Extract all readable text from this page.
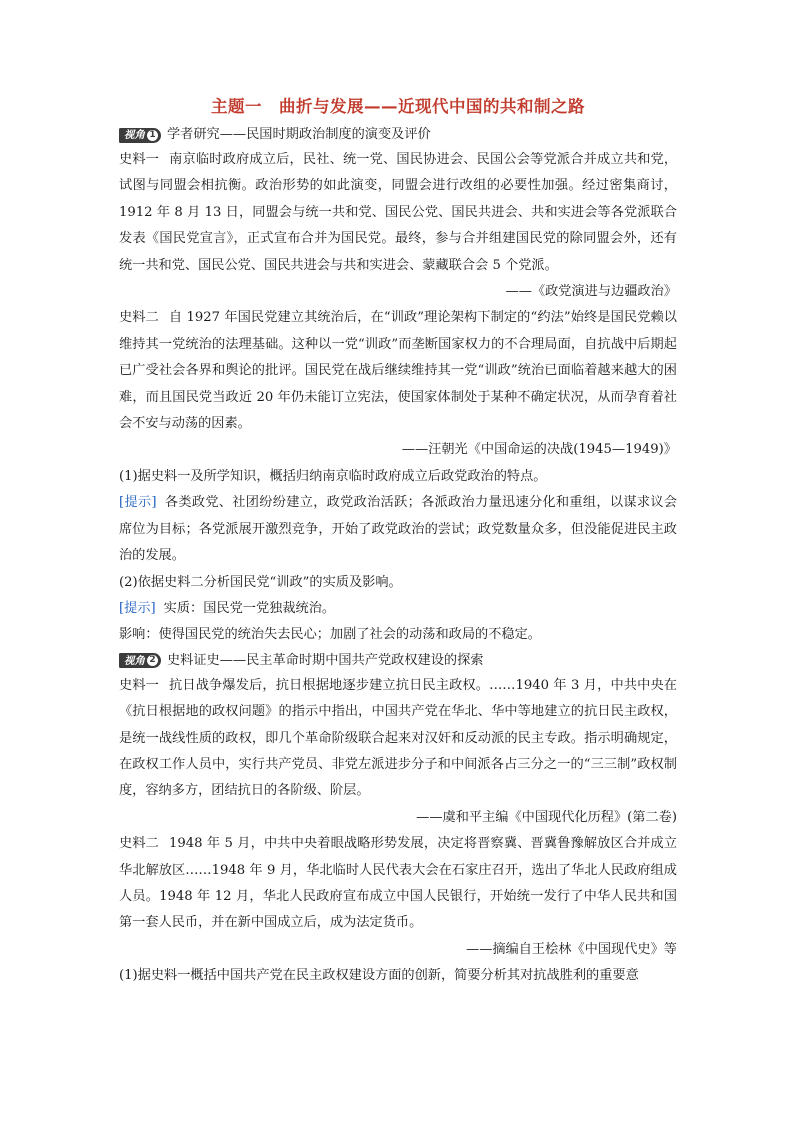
主题一　曲折与发展——近现代中国的共和制之路
视角 1 学者研究——民国时期政治制度的演变及评价

史料一 南京临时政府成立后，民社、统一党、国民协进会、民国公会等党派合并成立共和党，试图与同盟会相抗衡。政治形势的如此演变，同盟会进行改组的必要性加强。经过密集商讨，1912 年 8 月 13 日，同盟会与统一共和党、国民公党、国民共进会、共和实进会等各党派联合发表《国民党宣言》，正式宣布合并为国民党。最终，参与合并组建国民党的除同盟会外，还有统一共和党、国民公党、国民共进会与共和实进会、蒙藏联合会 5 个党派。

——《政党演进与边疆政治》

史料二 自 1927 年国民党建立其统治后，在“训政”理论架构下制定的“约法”始终是国民党赖以维持其一党统治的法理基础。这种以一党“训政”而垄断国家权力的不合理局面，自抗战中后期起已广受社会各界和舆论的批评。国民党在战后继续维持其一党“训政”统治已面临着越来越大的困难，而且国民党当政近 20 年仍未能订立宪法，使国家体制处于某种不确定状况，从而孕育着社会不安与动荡的因素。

——汪朝光《中国命运的决战(1945—1949)》

(1)据史料一及所学知识，概括归纳南京临时政府成立后政党政治的特点。

[提示] 各类政党、社团纷纷建立，政党政治活跃；各派政治力量迅速分化和重组，以谋求议会席位为目标；各党派展开激烈竞争，开始了政党政治的尝试；政党数量众多，但没能促进民主政治的发展。

(2)依据史料二分析国民党“训政”的实质及影响。

[提示] 实质：国民党一党独裁统治。

影响：使得国民党的统治失去民心；加剧了社会的动荡和政局的不稳定。

视角 2 史料证史——民主革命时期中国共产党政权建设的探索

史料一 抗日战争爆发后，抗日根据地逐步建立抗日民主政权。……1940 年 3 月，中共中央在《抗日根据地的政权问题》的指示中指出，中国共产党在华北、华中等地建立的抗日民主政权，是统一战线性质的政权，即几个革命阶级联合起来对汉奸和反动派的民主专政。指示明确规定，在政权工作人员中，实行共产党员、非党左派进步分子和中间派各占三分之一的“三三制”政权制度，容纳多方，团结抗日的各阶级、阶层。

——虞和平主编《中国现代化历程》(第二卷)

史料二 1948 年 5 月，中共中央着眼战略形势发展，决定将晋察冀、晋冀鲁豫解放区合并成立华北解放区……1948 年 9 月，华北临时人民代表大会在石家庄召开，选出了华北人民政府组成人员。1948 年 12 月，华北人民政府宣布成立中国人民银行，开始统一发行了中华人民共和国第一套人民币，并在新中国成立后，成为法定货币。

——摘编自王桧林《中国现代史》等

(1)据史料一概括中国共产党在民主政权建设方面的创新，简要分析其对抗战胜利的重要意
